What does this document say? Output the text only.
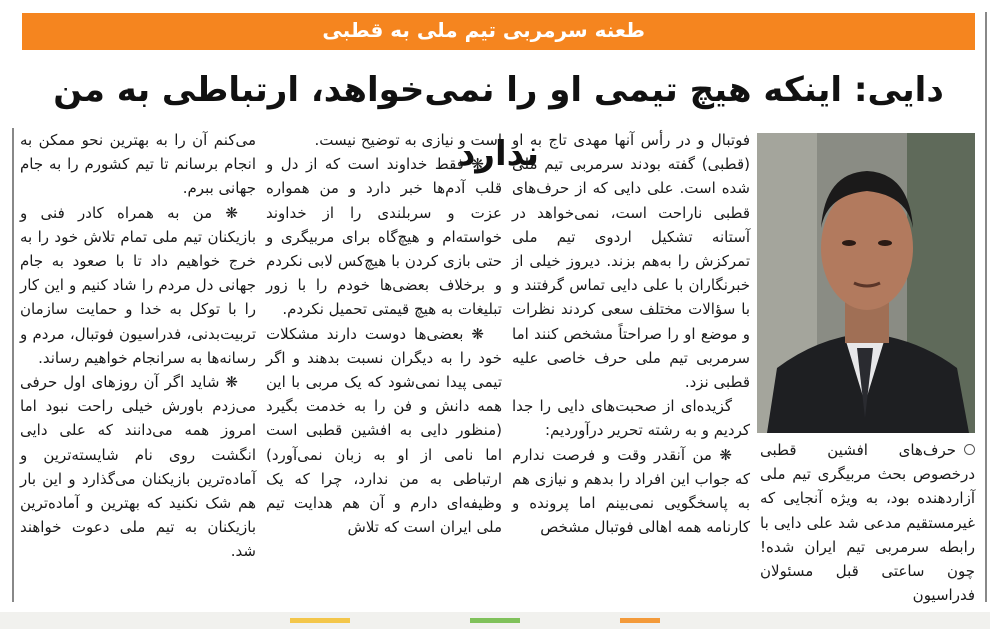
طعنه سرمربی تیم ملی به قطبی
دایی: اینکه هیچ تیمی او را نمی‌خواهد، ارتباطی به من ندارد
حرف‌های افشین قطبی درخصوص بحث مربیگری تیم ملی آزاردهنده بود، به ویژه آنجایی که غیرمستقیم مدعی شد علی دایی با رابطه سرمربی تیم ایران شده! چون ساعتی قبل مسئولان فدراسیون

فوتبال و در رأس آنها مهدی تاج به او (قطبی) گفته بودند سرمربی تیم ملی شده است. علی دایی که از حرف‌های قطبی ناراحت است، نمی‌خواهد در آستانه تشکیل اردوی تیم ملی تمرکزش را به‌هم بزند. دیروز خیلی از خبرنگاران با علی دایی تماس گرفتند و با سؤالات مختلف سعی کردند نظرات و موضع او را صراحتاً مشخص کنند اما سرمربی تیم ملی حرف خاصی علیه قطبی نزد.

گزیده‌ای از صحبت‌های دایی را جدا کردیم و به رشته تحریر درآوردیم:

❋ من آنقدر وقت و فرصت ندارم که جواب این افراد را بدهم و نیازی هم به پاسخگویی نمی‌بینم اما پرونده و کارنامه همه اهالی فوتبال مشخص

است و نیازی به توضیح نیست.

❋ فقط خداوند است که از دل و قلب آدم‌ها خبر دارد و من همواره عزت و سربلندی را از خداوند خواسته‌ام و هیچ‌گاه برای مربیگری و حتی بازی کردن با هیچ‌کس لابی نکردم و برخلاف بعضی‌ها خودم را با زور تبلیغات به هیچ قیمتی تحمیل نکردم.

❋ بعضی‌ها دوست دارند مشکلات خود را به دیگران نسبت بدهند و اگر تیمی پیدا نمی‌شود که یک مربی با این همه دانش و فن را به خدمت بگیرد (منظور دایی به افشین قطبی است اما نامی از او به زبان نمی‌آورد) ارتباطی به من ندارد، چرا که یک وظیفه‌ای دارم و آن هم هدایت تیم ملی ایران است که تلاش

می‌کنم آن را به بهترین نحو ممکن به انجام برسانم تا تیم کشورم را به جام جهانی ببرم.

❋ من به همراه کادر فنی و بازیکنان تیم ملی تمام تلاش خود را به خرج خواهیم داد تا با صعود به جام جهانی دل مردم را شاد کنیم و این کار را با توکل به خدا و حمایت سازمان تربیت‌بدنی، فدراسیون فوتبال، مردم و رسانه‌ها به سرانجام خواهیم رساند.

❋ شاید اگر آن روزهای اول حرفی می‌زدم باورش خیلی راحت نبود اما امروز همه می‌دانند که علی دایی انگشت روی نام شایسته‌ترین و آماده‌ترین بازیکنان می‌گذارد و این بار هم شک نکنید که بهترین و آماده‌ترین بازیکنان به تیم ملی دعوت خواهند شد.
